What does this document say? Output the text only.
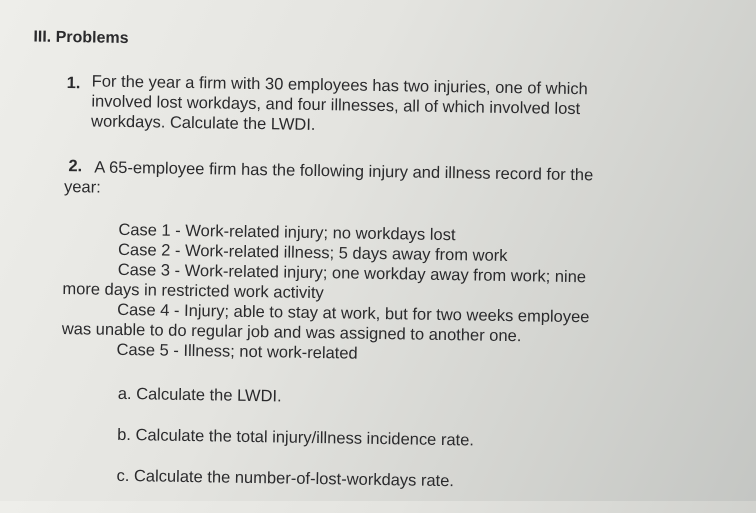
III. Problems
1. For the year a firm with 30 employees has two injuries, one of which
involved lost workdays, and four illnesses, all of which involved lost
workdays. Calculate the LWDI.
2. A 65-employee firm has the following injury and illness record for the
year:
Case 1 - Work-related injury; no workdays lost
Case 2 - Work-related illness; 5 days away from work
Case 3 - Work-related injury; one workday away from work; nine
more days in restricted work activity
Case 4 - Injury; able to stay at work, but for two weeks employee
was unable to do regular job and was assigned to another one.
Case 5 - Illness; not work-related
a. Calculate the LWDI.
b. Calculate the total injury/illness incidence rate.
c. Calculate the number-of-lost-workdays rate.
